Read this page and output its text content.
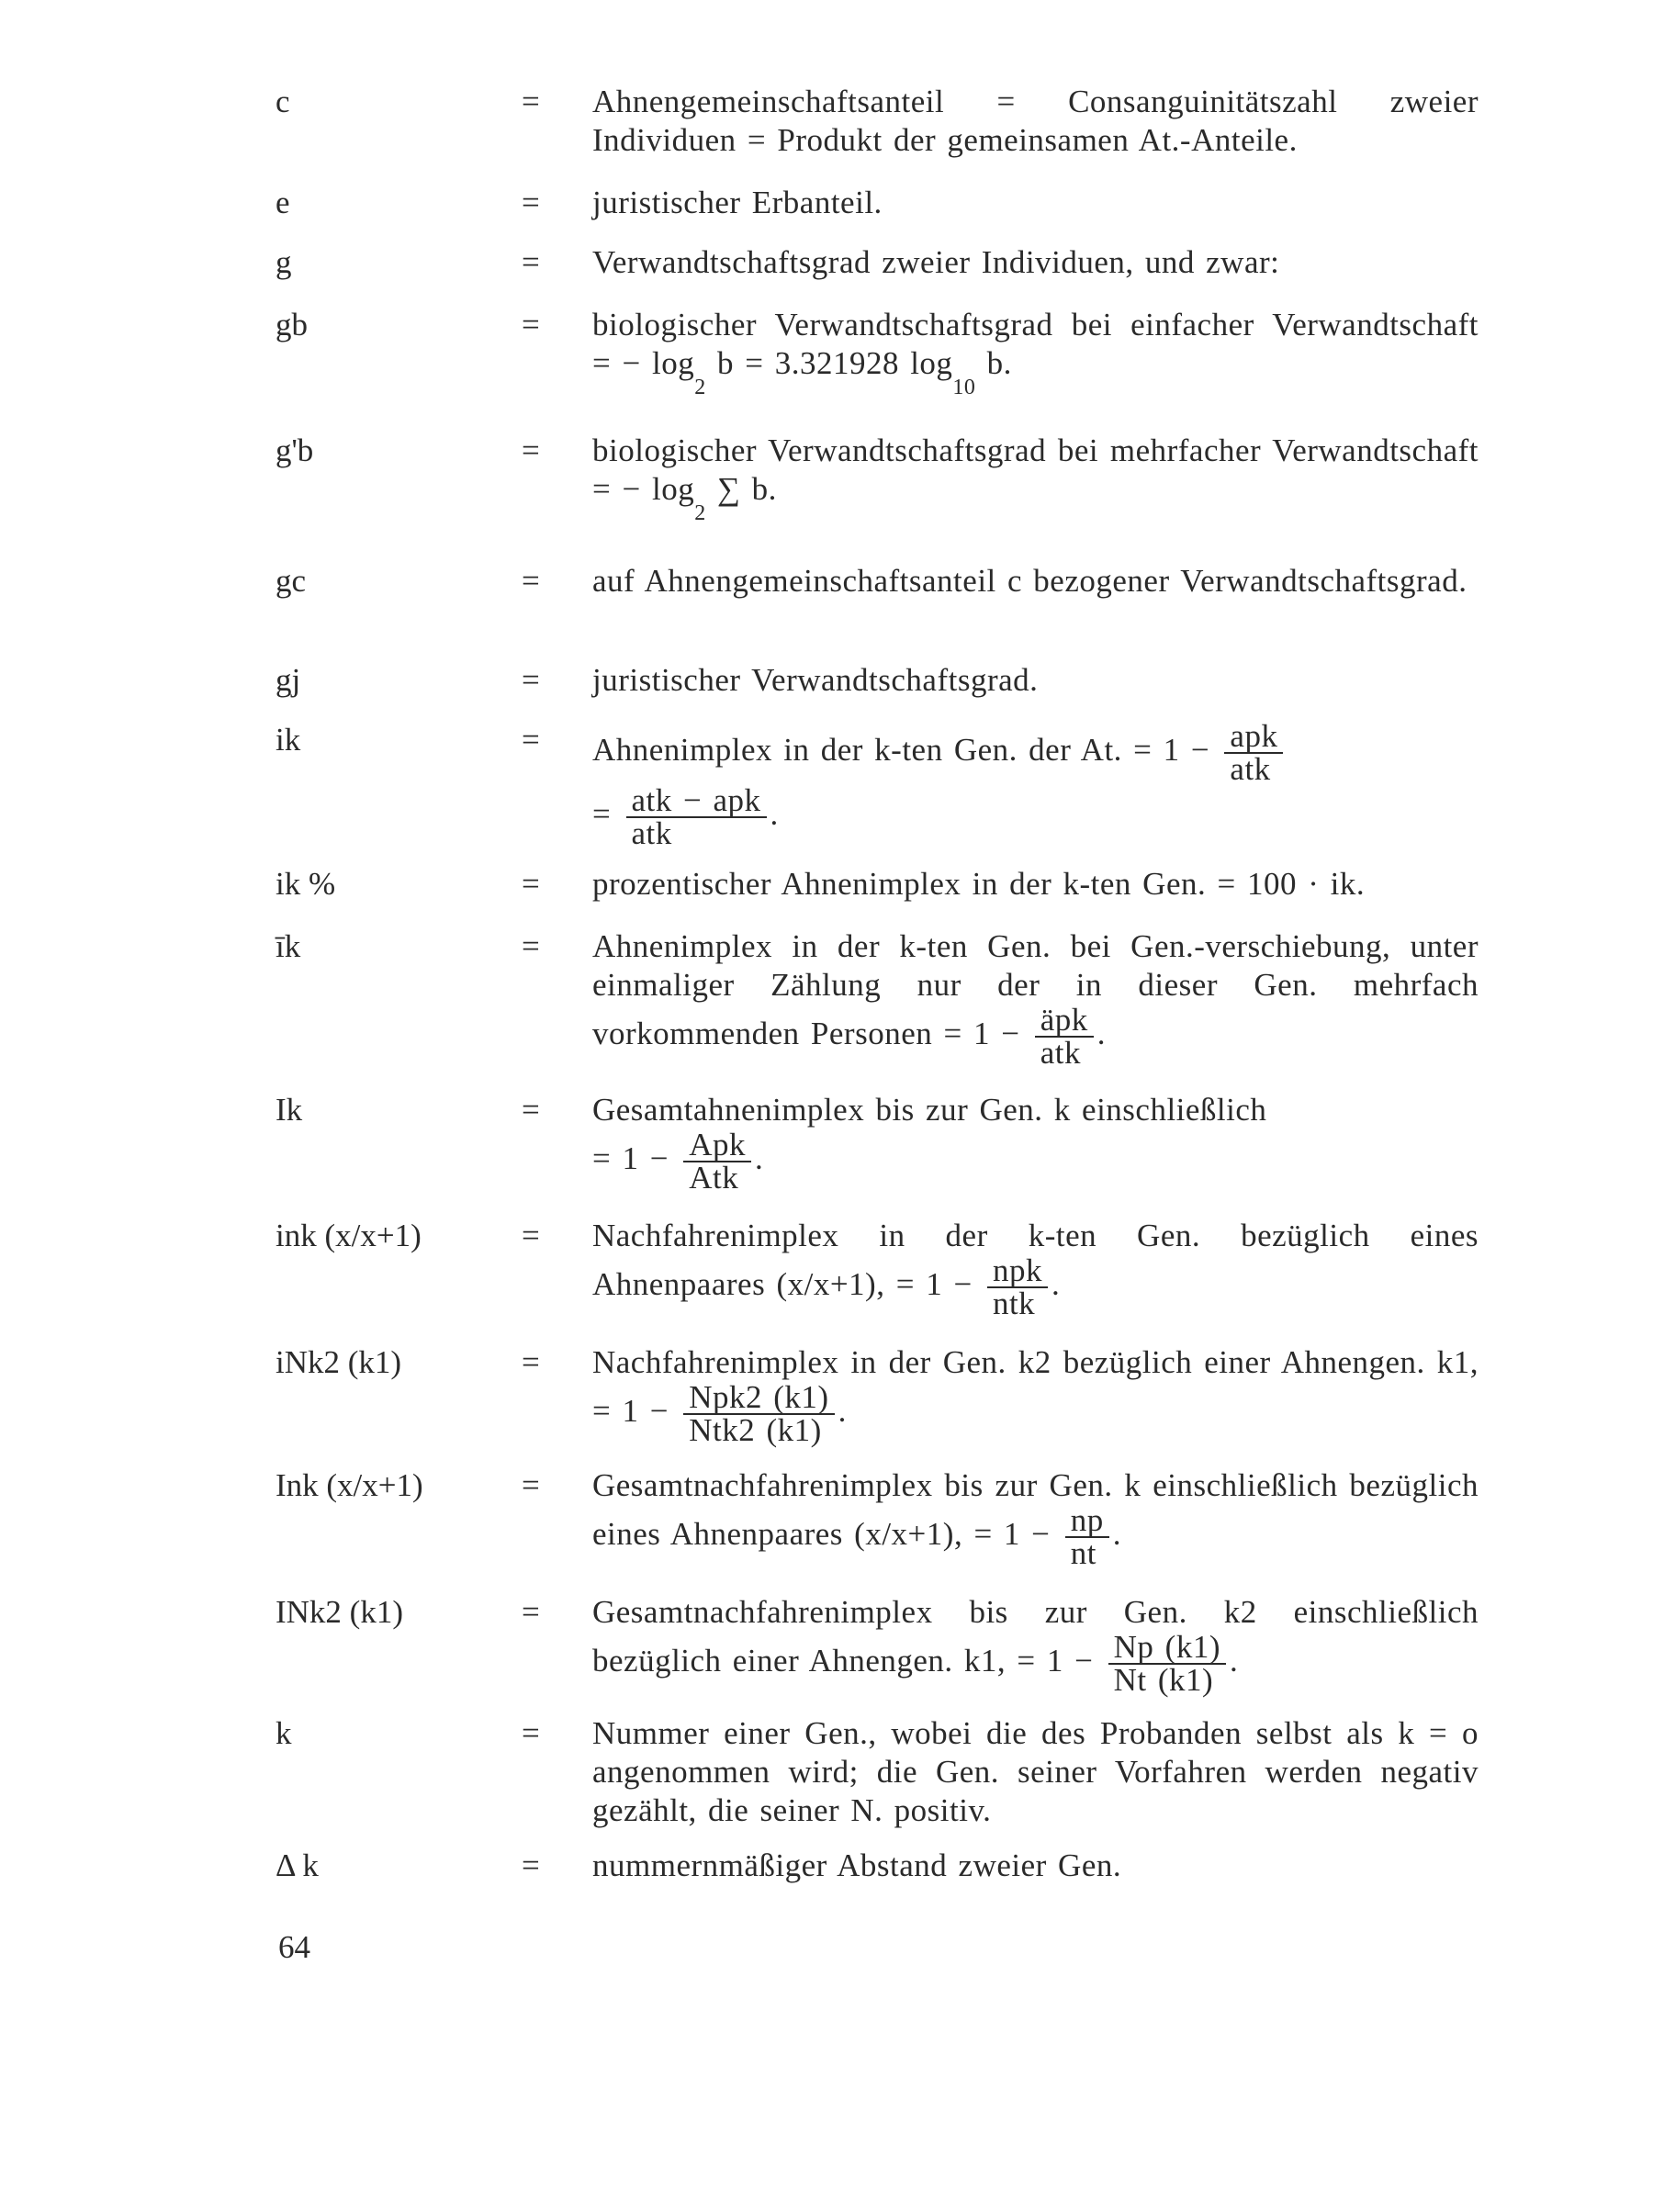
c	= Ahnengemeinschaftsanteil = Consanguinitätszahl zweier Individuen = Produkt der gemeinsamen At.-Anteile.
e	= juristischer Erbanteil.
g	= Verwandtschaftsgrad zweier Individuen, und zwar:
gb	= biologischer Verwandtschaftsgrad bei einfacher Verwandtschaft = − $\log_2 b = 3.321928$ $\log_{10} b$.
g'b	= biologischer Verwandtschaftsgrad bei mehrfacher Verwandtschaft = − $\log_2$ ∑ b.
gc	= auf Ahnengemeinschaftsanteil c bezogener Verwandtschaftsgrad.
gj	= juristischer Verwandtschaftsgrad.
ik	= Ahnenimplex in der k-ten Gen. der At. = $1 - \frac{\text{apk}}{\text{atk}}$

= $\frac{\text{atk − apk}}{\text{atk}}$ .
ik %	= prozentischer Ahnenimplex in der k-ten Gen. = 100 · ik.
īk	= Ahnenimplex in der k-ten Gen. bei Gen.-verschiebung, unter einmaliger Zählung nur der in dieser Gen. mehrfach vorkommenden Personen = $1 - \frac{\text{äpk}}{\text{atk}}$ .
Ik	= Gesamtahnenimplex bis zur Gen. k einschließlich
= $1 - \frac{\text{Apk}}{\text{Atk}}$ .
ink (x/x+1)	= Nachfahrenimplex in der k-ten Gen. bezüglich eines Ahnenpaares (x/x+1), = $1 - \frac{\text{npk}}{\text{ntk}}$ .
iNk2 (k1)	= Nachfahrenimplex in der Gen. k2 bezüglich einer Ahnengen. k1, = $1 - \frac{\text{Npk2 (k1)}}{\text{Ntk2 (k1)}}$ .
Ink (x/x+1)	= Gesamtnachfahrenimplex bis zur Gen. k einschließlich bezüglich eines Ahnenpaares (x/x+1), = $1 - \frac{np}{nt}$ .
INk2 (k1)	= Gesamtnachfahrenimplex bis zur Gen. k2 einschließlich bezüglich einer Ahnengen. k1, = $1 - \frac{Np (k1)}{Nt (k1)}$ .
k	= Nummer einer Gen., wobei die des Probanden selbst als k = o angenommen wird; die Gen. seiner Vorfahren werden negativ gezählt, die seiner N. positiv.
Δ k	= nummernmäßiger Abstand zweier Gen.
64
